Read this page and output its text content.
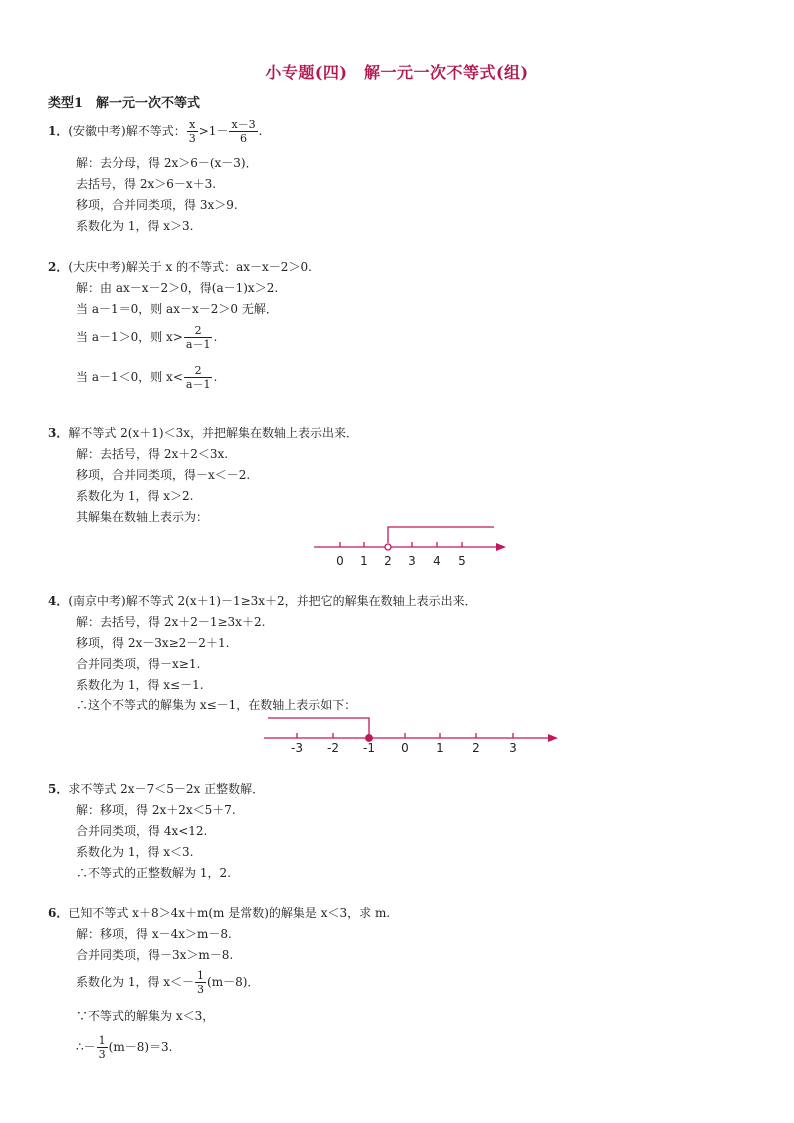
小专题(四)　解一元一次不等式(组)
类型1　解一元一次不等式
1．(安徽中考)解不等式： $\frac{x}{3} >1- \frac{x-3}{6}$ .
解：去分母，得 2x＞6－(x－3)．
去括号，得 2x＞6－x＋3.
移项，合并同类项，得 3x＞9.
系数化为 1，得 x＞3.
2．(大庆中考)解关于 x 的不等式：ax－x－2＞0.
解：由 ax－x－2＞0，得(a－1)x＞2.
当 a－1＝0，则 ax－x－2＞0 无解．
当 a－1＞0，则 $x> \frac{2}{a-1}$ .
当 a－1＜0，则 $x< \frac{2}{a-1}$ .
3．解不等式 2(x＋1)＜3x，并把解集在数轴上表示出来．
解：去括号，得 2x＋2＜3x.
移项，合并同类项，得－x＜－2.
系数化为 1，得 x＞2.
其解集在数轴上表示为：
0 1 2 3 4 5
-3 -2 -1 0 1 2 3
4．(南京中考)解不等式 2(x＋1)－1≥3x＋2，并把它的解集在数轴上表示出来．
解：去括号，得 2x＋2－1≥3x＋2.
移项，得 2x－3x≥2－2＋1.
合并同类项，得－x≥1.
系数化为 1，得 x≤－1.
∴这个不等式的解集为 x≤－1，在数轴上表示如下：
5．求不等式 2x－7＜5－2x 正整数解．
解：移项，得 2x＋2x＜5＋7.
合并同类项，得 4x<12.
系数化为 1，得 x＜3.
∴不等式的正整数解为 1，2.
6．已知不等式 x＋8＞4x＋m(m 是常数)的解集是 x＜3，求 m.
解：移项，得 x－4x＞m－8.
合并同类项，得－3x＞m－8.
系数化为 1，得 $x<- \frac{1}{3} (m-8)$．
∵不等式的解集为 x＜3，
∴－ $\frac{1}{3} (m-8)=3$.
